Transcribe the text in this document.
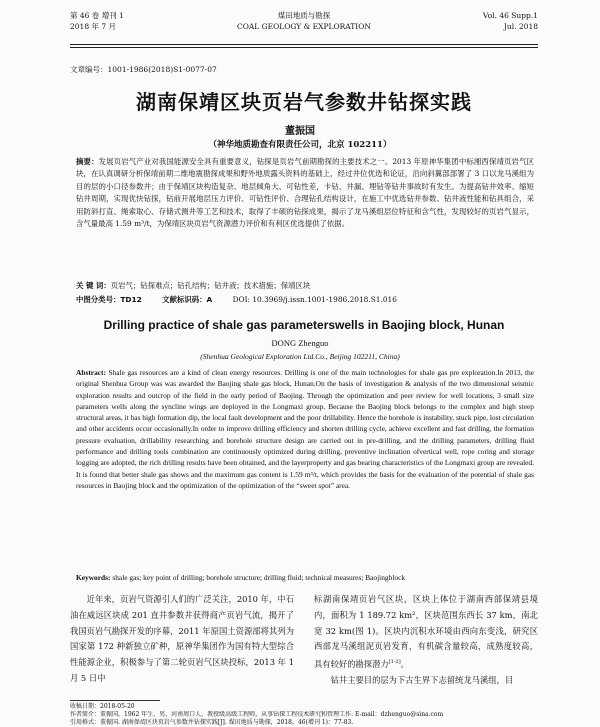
第 46 卷 增刊 1
2018 年 7 月
煤田地质与勘探
COAL GEOLOGY & EXPLORATION
Vol. 46 Supp.1
Jul. 2018
文章编号：1001-1986(2018)S1-0077-07
湖南保靖区块页岩气参数井钻探实践
董振国
（神华地质勘查有限责任公司，北京 102211）
摘要：发展页岩气产业对我国能源安全具有重要意义，钻探是页岩气前期勘探的主要技术之一。2013 年原神华集团中标湘西保靖页岩气区块，在认真调研分析保靖前期二维地震勘探成果和野外地质露头资料的基础上，经过井位优选和论证，沿向斜翼部部署了 3 口以龙马溪组为目的层的小口径参数井；由于保靖区块构造复杂、地层倾角大、可钻性差，卡钻、井漏、埋钻等钻井事故时有发生。为提高钻井效率、缩短钻井周期，实现优快钻探，钻前开展地层压力评价、可钻性评价、合理钻孔结构设计，在施工中优选钻井参数、钻井液性能和钻具组合，采用防斜打直、绳索取心、存储式测井等工艺和技术，取得了丰硕的钻探成果，揭示了龙马溪组层位特征和含气性，发现较好的页岩气显示，含气量最高 1.59 m³/t，为保靖区块页岩气资源潜力评价和有利区优选提供了依据。
关 键 词：页岩气；钻探难点；钻孔结构；钻井液；技术措施；保靖区块
中图分类号：TD12	文献标识码：A	DOI: 10.3969/j.issn.1001-1986.2018.S1.016
Drilling practice of shale gas parameterswells in Baojing block, Hunan
DONG Zhenguo
(Shenhua Geological Exploration Ltd.Co., Beijing 102211, China)
Abstract: Shale gas resources are a kind of clean energy resources. Drilling is one of the main technologies for shale gas pre exploration.In 2013, the original Shenhua Group was was awarded the Baojing shale gas block, Hunan.On the basis of investigation & analysis of the two dimensional seismic exploration results and outcrop of the field in the early period of Baojing. Through the optimization and peer review for well locations, 3 small size parameters wells along the syncline wings are deployed in the Longmaxi group. Because the Baojing block belongs to the complex and high steep structural areas, it has high formation dip, the local fault development and the poor drillability. Hence the borehole is instability, stuck pipe, lost circulation and other accidents occur occasionally.In order to improve drilling efficiency and shorten drilling cycle, achieve excellent and fast drilling, the formation pressure evaluation, drillability researching and borehole structure design are carried out in pre-drilling, and the drilling parameters, drilling fluid performance and drilling tools combination are continuously optimized during drilling, preventive inclination ofvertical well, rope coring and storage logging are adopted, the rich drilling results have been obtained, and the layerproperty and gas bearing characteristics of the Longmaxi group are revealed. It is found that better shale gas shows and the maximum gas content is 1.59 m³/t, which provides the basis for the evaluation of the potential of shale gas resources in Baojing block and the optimization of the optimization of the “sweet spot” area.
Keywords: shale gas; key point of drilling; borehole structure; drilling fluid; technical measures; Baojingblock

近年来，页岩气资源引人们的广泛关注，2010 年，中石油在威远区块成 201 直井参数井获得商产页岩气流，揭开了我国页岩气勘探开发的序幕，2011 年原国土资源部将其列为国家第 172 种新独立矿种，原神华集团作为国有特大型综合性能源企业，积极参与了第二轮页岩气区块投标，2013 年 1 月 5 日中

标湖南保靖页岩气区块，区块上体位于湖南西部保靖县境内，面积为 1 189.72 km²，区块范围东西长 37 km，南北宽 32 km(图 1)。区块内沉积水环境由西向东变浅，研究区西部龙马溪组泥页岩发育，有机碳含量较高，成熟度较高，具有较好的勘探潜力[1-2]。

钻井主要目的层为下古生界下志留统龙马溪组，目

收稿日期：2018-05-20
作者简介：董振国，1962 年生，男，河南周口人，教授级高级工程师，从事钻探工程技术研究和管理工作. E-mail：dzhenguo@sina.com
引用格式：董振国. 湖南保靖区块页岩气参数井钻探实践[J]. 煤田地质与勘探，2018，46(增刊 1)：77-83.
